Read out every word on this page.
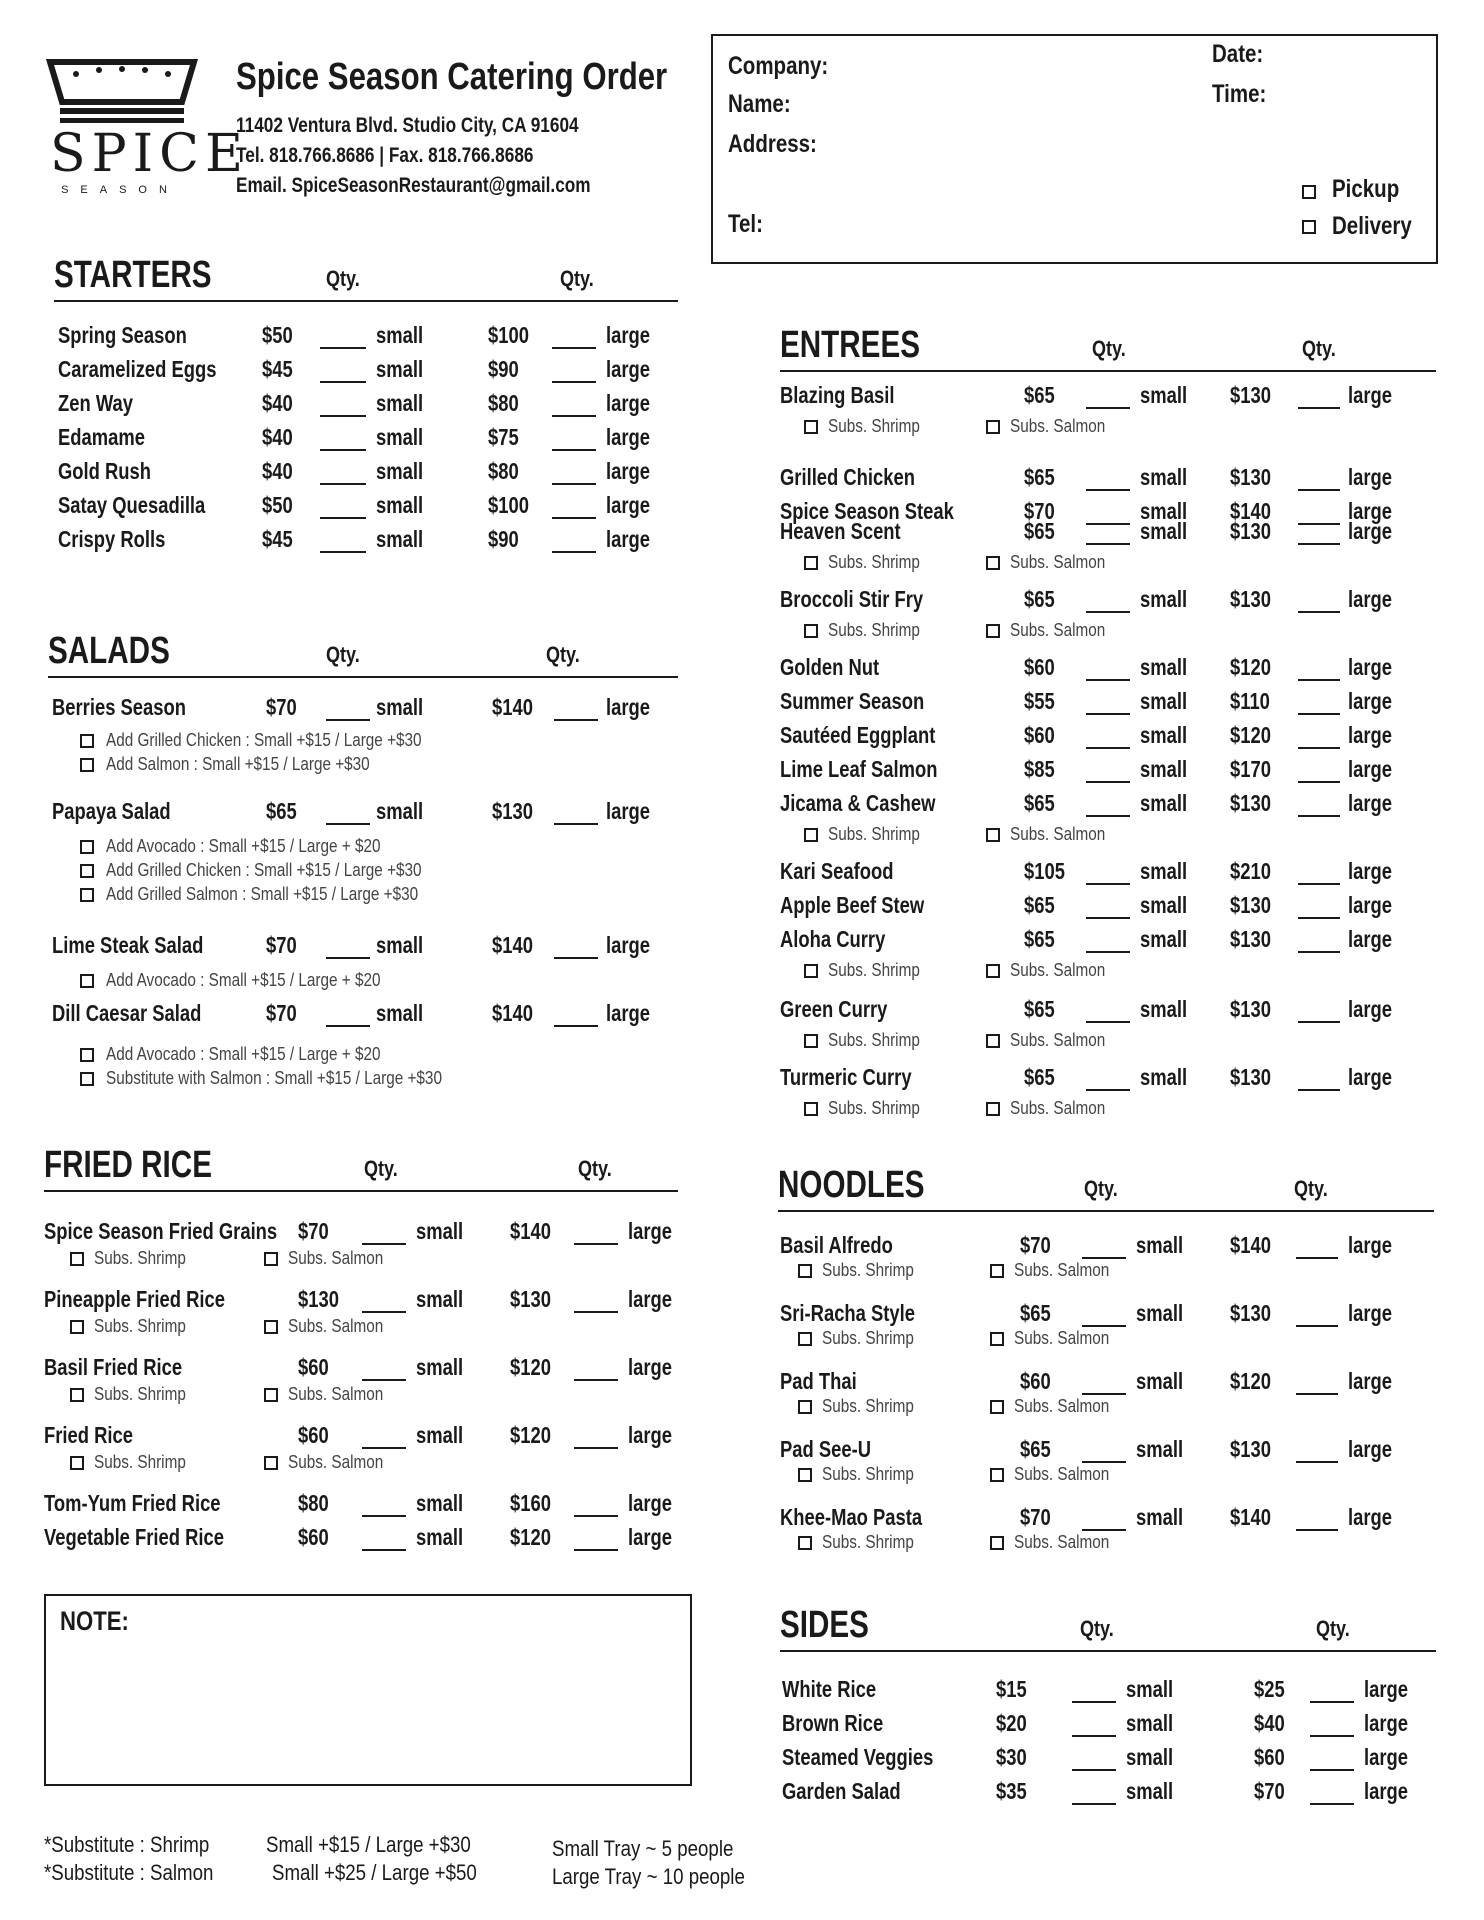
SPICE
SEASON
Spice Season Catering Order
11402 Ventura Blvd. Studio City, CA 91604
Tel. 818.766.8686 | Fax. 818.766.8686
Email. SpiceSeasonRestaurant@gmail.com
Company:
Name:
Address:
Tel:
Date:
Time:
Pickup
Delivery
STARTERS	Qty.	Qty.
Spring Season	$50	small	$100	large
Caramelized Eggs $45	small	$90	large
Zen Way	$40	small	$80	large
Edamame	$40	small	$75	large
Gold Rush	$40	small	$80	large
Satay Quesadilla $50	small	$100	large
Crispy Rolls	$45	small	$90	large
SALADS	Qty.	Qty.
Berries Season	$70	small	$140	large
Add Grilled Chicken : Small +$15 / Large +$30
Add Salmon : Small +$15 / Large +$30
Papaya Salad	$65	small	$130	large
Add Avocado : Small +$15 / Large + $20
Add Grilled Chicken : Small +$15 / Large +$30
Add Grilled Salmon : Small +$15 / Large +$30
Lime Steak Salad	$70	small	$140	large
Add Avocado : Small +$15 / Large + $20
Dill Caesar Salad	$70	small	$140	large
Add Avocado : Small +$15 / Large + $20
Substitute with Salmon : Small +$15 / Large +$30
FRIED RICE	Qty.	Qty.
Spice Season Fried Grains $70	small $140	large
Subs. Shrimp	Subs. Salmon
Pineapple Fried Rice	$130	small $130	large
Subs. Shrimp	Subs. Salmon
Basil Fried Rice	$60	small $120	large
Subs. Shrimp	Subs. Salmon
Fried Rice	$60	small $120	large
Subs. Shrimp	Subs. Salmon
Tom-Yum Fried Rice	$80	small $160	large
Vegetable Fried Rice	$60	small $120	large
ENTREES	Qty.	Qty.
Blazing Basil	$65	small $130	large
Subs. Shrimp	Subs. Salmon
Grilled Chicken	$65	small $130	large
Spice Season Steak	$70	small $140	large
Heaven Scent	$65	small $130	large
Subs. Shrimp	Subs. Salmon
Broccoli Stir Fry	$65	small $130	large
Subs. Shrimp	Subs. Salmon
Golden Nut	$60	small $120	large
Summer Season	$55	small $110	large
Sautéed Eggplant	$60	small $120	large
Lime Leaf Salmon	$85	small $170	large
Jicama & Cashew	$65	small $130	large
Subs. Shrimp	Subs. Salmon
Kari Seafood	$105	small $210	large
Apple Beef Stew	$65	small $130	large
Aloha Curry	$65	small $130	large
Subs. Shrimp	Subs. Salmon
Green Curry	$65	small $130	large
Subs. Shrimp	Subs. Salmon
Turmeric Curry	$65	small $130	large
Subs. Shrimp	Subs. Salmon
NOODLES	Qty.	Qty.
Basil Alfredo	$70	small $140	large
Subs. Shrimp	Subs. Salmon
Sri-Racha Style	$65	small $130	large
Subs. Shrimp	Subs. Salmon
Pad Thai	$60	small $120	large
Subs. Shrimp	Subs. Salmon
Pad See-U	$65	small $130	large
Subs. Shrimp	Subs. Salmon
Khee-Mao Pasta	$70	small $140	large
Subs. Shrimp	Subs. Salmon
SIDES	Qty.	Qty.
White Rice	$15	small	$25	large
Brown Rice	$20	small	$40	large
Steamed Veggies	$30	small	$60	large
Garden Salad	$35	small	$70	large
NOTE:
*Substitute : Shrimp	Small +$15 / Large +$30
*Substitute : Salmon	Small +$25 / Large +$50
Small Tray ~ 5 people
Large Tray ~ 10 people
